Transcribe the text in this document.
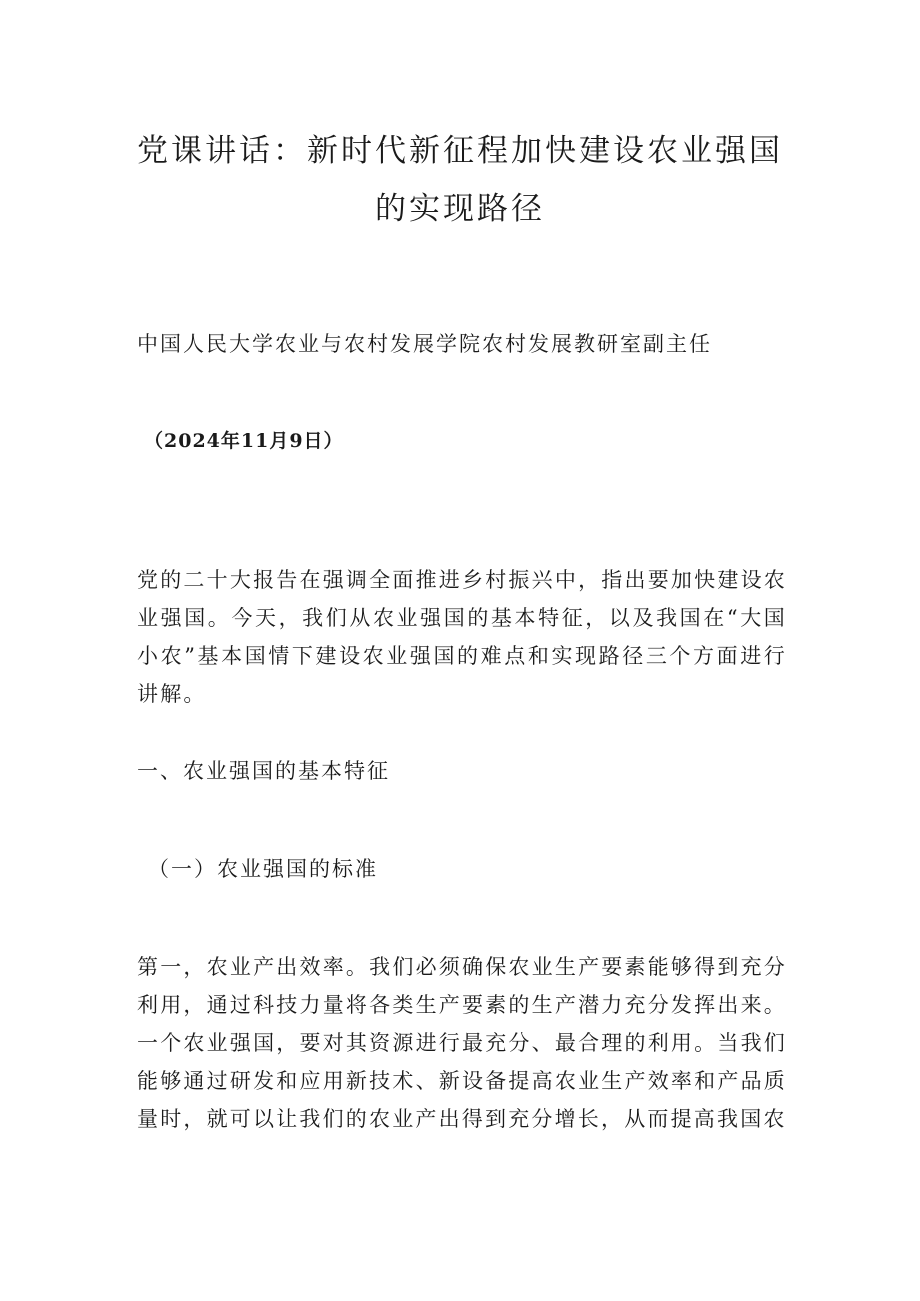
党课讲话：新时代新征程加快建设农业强国
的实现路径

中国人民大学农业与农村发展学院农村发展教研室副主任

（2024年11月9日）

党的二十大报告在强调全面推进乡村振兴中，指出要加快建设农业强国。今天，我们从农业强国的基本特征，以及我国在“大国小农”基本国情下建设农业强国的难点和实现路径三个方面进行讲解。

一、农业强国的基本特征
（一）农业强国的标准

第一，农业产出效率。我们必须确保农业生产要素能够得到充分利用，通过科技力量将各类生产要素的生产潜力充分发挥出来。一个农业强国，要对其资源进行最充分、最合理的利用。当我们能够通过研发和应用新技术、新设备提高农业生产效率和产品质量时，就可以让我们的农业产出得到充分增长，从而提高我国农
